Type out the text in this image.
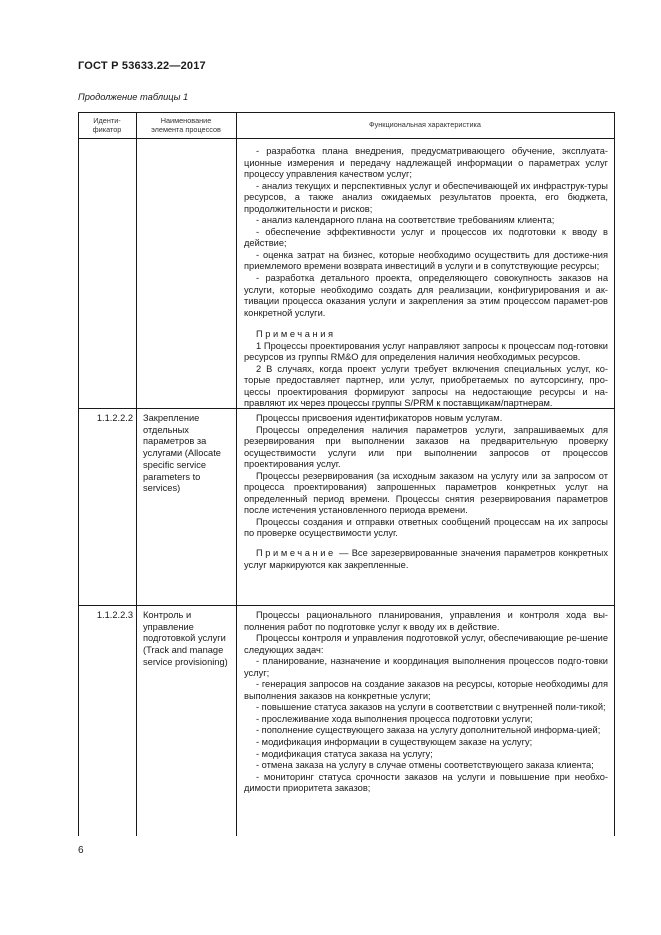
ГОСТ Р 53633.22—2017
Продолжение таблицы 1
Иденти-
фикатор
Наименование
элемента процессов
Функциональная характеристика

- разработка плана внедрения, предусматривающего обучение, эксплуата-ционные измерения и передачу надлежащей информации о параметрах услуг процессу управления качеством услуг;

- анализ текущих и перспективных услуг и обеспечивающей их инфраструк-туры ресурсов, а также анализ ожидаемых результатов проекта, его бюджета, продолжительности и рисков;

- анализ календарного плана на соответствие требованиям клиента;

- обеспечение эффективности услуг и процессов их подготовки к вводу в действие;

- оценка затрат на бизнес, которые необходимо осуществить для достиже-ния приемлемого времени возврата инвестиций в услуги и в сопутствующие ресурсы;

- разработка детального проекта, определяющего совокупность заказов на услуги, которые необходимо создать для реализации, конфигурирования и ак-тивации процесса оказания услуги и закрепления за этим процессом парамет-ров конкретной услуги.

Примечания

1 Процессы проектирования услуг направляют запросы к процессам под-готовки ресурсов из группы RM&O для определения наличия необходимых ресурсов.

2 В случаях, когда проект услуги требует включения специальных услуг, ко-торые предоставляет партнер, или услуг, приобретаемых по аутсорсингу, про-цессы проектирования формируют запросы на недостающие ресурсы и на-правляют их через процессы группы S/PRM к поставщикам/партнерам.

1.1.2.2.2 Закрепление отдельных параметров за услугами (Allocate specific service parameters to services)

Процессы присвоения идентификаторов новым услугам.

Процессы определения наличия параметров услуги, запрашиваемых для резервирования при выполнении заказов на предварительную проверку осуществимости услуги или при выполнении запросов от процессов проектирования услуг.

Процессы резервирования (за исходным заказом на услугу или за запросом от процесса проектирования) запрошенных параметров конкретных услуг на определенный период времени. Процессы снятия резервирования параметров после истечения установленного периода времени.

Процессы создания и отправки ответных сообщений процессам на их запросы по проверке осуществимости услуг.

Примечание — Все зарезервированные значения параметров конкретных услуг маркируются как закрепленные.

1.1.2.2.3 Контроль и управление подготовкой услуги (Track and manage service provisioning)

Процессы рационального планирования, управления и контроля хода вы-полнения работ по подготовке услуг к вводу их в действие.

Процессы контроля и управления подготовкой услуг, обеспечивающие ре-шение следующих задач:

- планирование, назначение и координация выполнения процессов подго-товки услуг;

- генерация запросов на создание заказов на ресурсы, которые необходимы для выполнения заказов на конкретные услуги;

- повышение статуса заказов на услуги в соответствии с внутренней поли-тикой;

- прослеживание хода выполнения процесса подготовки услуги;

- пополнение существующего заказа на услугу дополнительной информа-цией;

- модификация информации в существующем заказе на услугу;

- модификация статуса заказа на услугу;

- отмена заказа на услугу в случае отмены соответствующего заказа клиента;

- мониторинг статуса срочности заказов на услуги и повышение при необхо-димости приоритета заказов;

6
